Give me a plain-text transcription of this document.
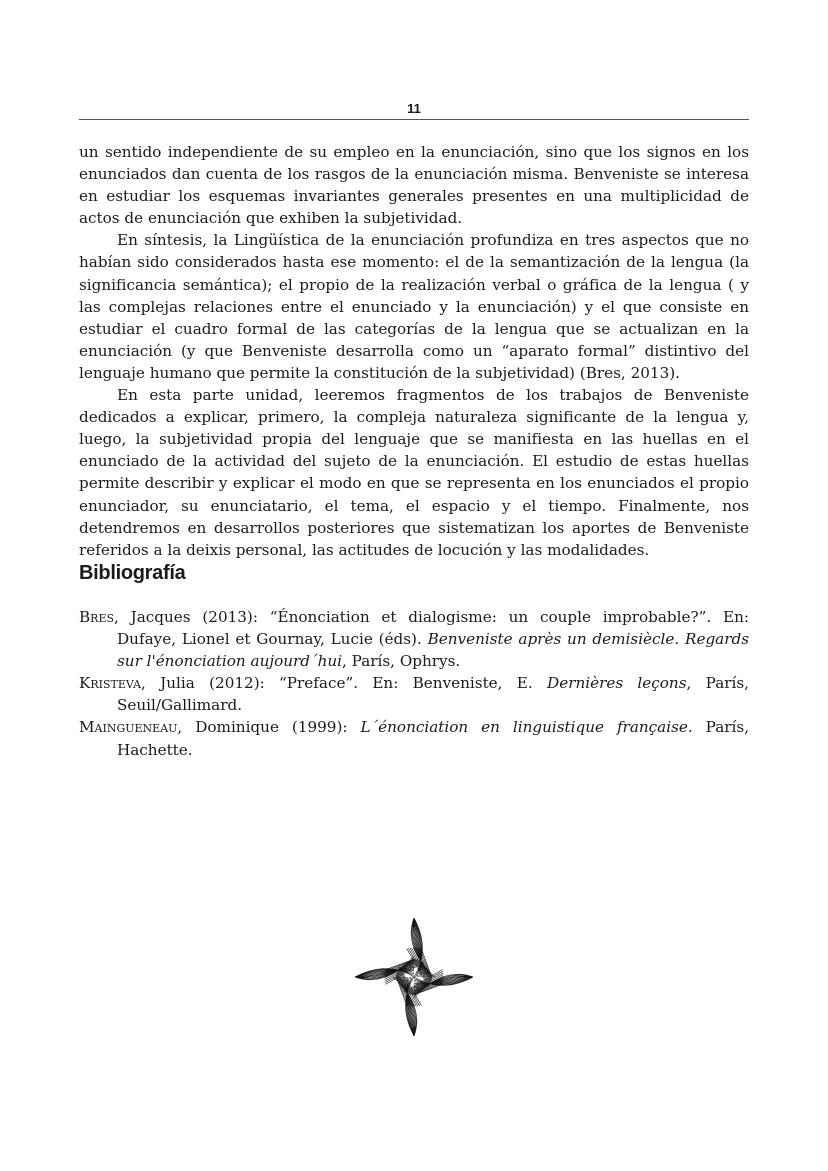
11

un sentido independiente de su empleo en la enunciación, sino que los signos en los enunciados dan cuenta de los rasgos de la enunciación misma. Benveniste se interesa en estudiar los esquemas invariantes generales presentes en una multiplicidad de actos de enunciación que exhiben la subjetividad.

En síntesis, la Lingüística de la enunciación profundiza en tres aspectos que no habían sido considerados hasta ese momento: el de la semantización de la lengua (la significancia semántica); el propio de la realización verbal o gráfica de la lengua ( y las complejas relaciones entre el enunciado y la enunciación) y el que consiste en estudiar el cuadro formal de las categorías de la lengua que se actualizan en la enunciación (y que Benveniste desarrolla como un “aparato formal” distintivo del lenguaje humano que permite la constitución de la subjetividad) (Bres, 2013).

En esta parte unidad, leeremos fragmentos de los trabajos de Benveniste dedicados a explicar, primero, la compleja naturaleza significante de la lengua y, luego, la subjetividad propia del lenguaje que se manifiesta en las huellas en el enunciado de la actividad del sujeto de la enunciación. El estudio de estas huellas permite describir y explicar el modo en que se representa en los enunciados el propio enunciador, su enunciatario, el tema, el espacio y el tiempo. Finalmente, nos detendremos en desarrollos posteriores que sistematizan los aportes de Benveniste referidos a la deixis personal, las actitudes de locución y las modalidades.

Bibliografía

Bres, Jacques (2013): “Énonciation et dialogisme: un couple improbable?”. En: Dufaye, Lionel et Gournay, Lucie (éds). Benveniste après un demisiècle. Regards sur l'énonciation aujourd´hui, París, Ophrys.

Kristeva, Julia (2012): “Preface”. En: Benveniste, E. Dernières leçons, París, Seuil/Gallimard.

Maingueneau, Dominique (1999): L´énonciation en linguistique française. París, Hachette.
